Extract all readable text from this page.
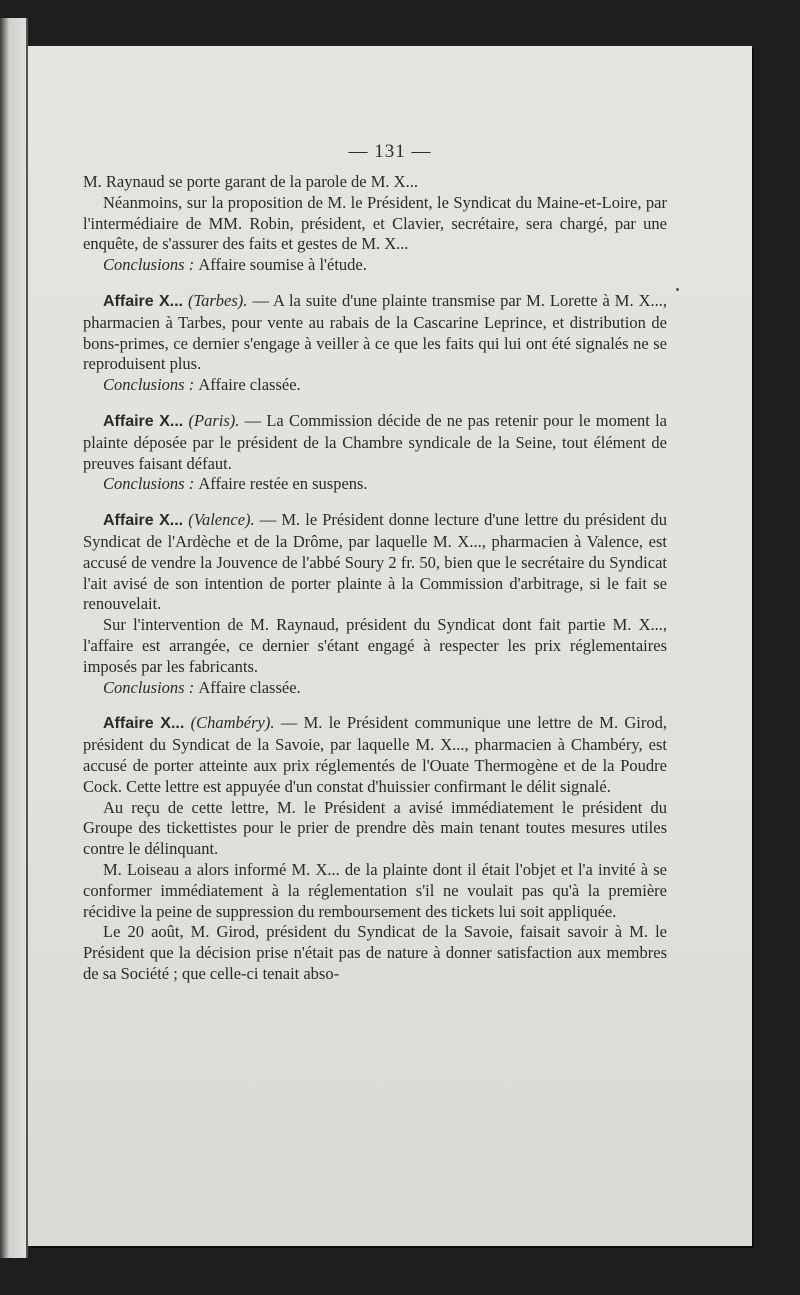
— 131 —

M. Raynaud se porte garant de la parole de M. X...

Néanmoins, sur la proposition de M. le Président, le Syndicat du Maine-et-Loire, par l'intermédiaire de MM. Robin, président, et Clavier, secrétaire, sera chargé, par une enquête, de s'assurer des faits et gestes de M. X...

Conclusions : Affaire soumise à l'étude.

Affaire X... (Tarbes). — A la suite d'une plainte transmise par M. Lorette à M. X..., pharmacien à Tarbes, pour vente au rabais de la Cascarine Leprince, et distribution de bons-primes, ce dernier s'engage à veiller à ce que les faits qui lui ont été signalés ne se reproduisent plus.

Conclusions : Affaire classée.

Affaire X... (Paris). — La Commission décide de ne pas retenir pour le moment la plainte déposée par le président de la Chambre syndicale de la Seine, tout élément de preuves faisant défaut.

Conclusions : Affaire restée en suspens.

Affaire X... (Valence). — M. le Président donne lecture d'une lettre du président du Syndicat de l'Ardèche et de la Drôme, par laquelle M. X..., pharmacien à Valence, est accusé de vendre la Jouvence de l'abbé Soury 2 fr. 50, bien que le secrétaire du Syndicat l'ait avisé de son intention de porter plainte à la Commission d'arbitrage, si le fait se renouvelait.

Sur l'intervention de M. Raynaud, président du Syndicat dont fait partie M. X..., l'affaire est arrangée, ce dernier s'étant engagé à respecter les prix réglementaires imposés par les fabricants.

Conclusions : Affaire classée.

Affaire X... (Chambéry). — M. le Président communique une lettre de M. Girod, président du Syndicat de la Savoie, par laquelle M. X..., pharmacien à Chambéry, est accusé de porter atteinte aux prix réglementés de l'Ouate Thermogène et de la Poudre Cock. Cette lettre est appuyée d'un constat d'huissier confirmant le délit signalé.

Au reçu de cette lettre, M. le Président a avisé immédiatement le président du Groupe des tickettistes pour le prier de prendre dès main tenant toutes mesures utiles contre le délinquant.

M. Loiseau a alors informé M. X... de la plainte dont il était l'objet et l'a invité à se conformer immédiatement à la réglementation s'il ne voulait pas qu'à la première récidive la peine de suppression du remboursement des tickets lui soit appliquée.

Le 20 août, M. Girod, président du Syndicat de la Savoie, faisait savoir à M. le Président que la décision prise n'était pas de nature à donner satisfaction aux membres de sa Société ; que celle-ci tenait abso-
